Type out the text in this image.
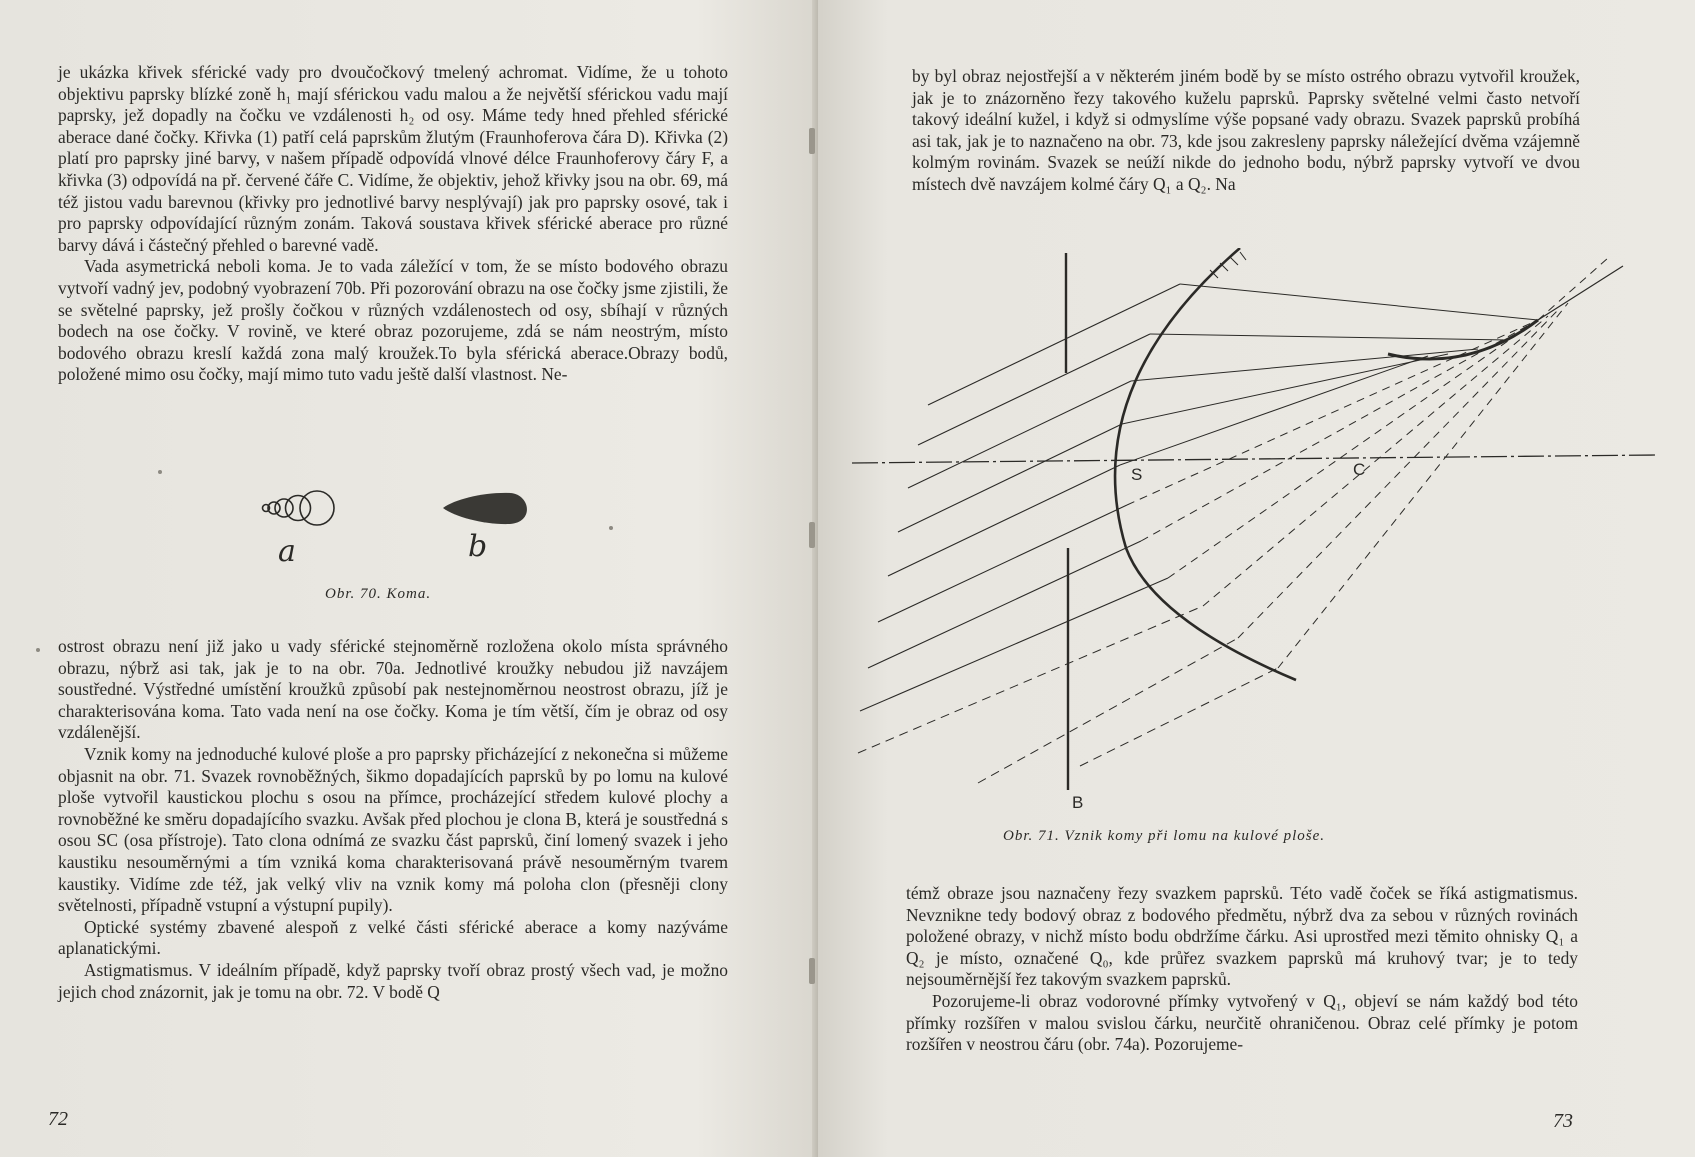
je ukázka křivek sférické vady pro dvoučočkový tmelený achromat. Vidíme, že u tohoto objektivu paprsky blízké zoně h₁ mají sférickou vadu malou a že největší sférickou vadu mají paprsky, jež dopadly na čočku ve vzdálenosti h₂ od osy. Máme tedy hned přehled sférické aberace dané čočky. Křivka (1) patří celá paprskům žlutým (Fraunhoferova čára D). Křivka (2) platí pro paprsky jiné barvy, v našem případě odpovídá vlnové délce Fraunhoferovy čáry F, a křivka (3) odpovídá na př. červené čáře C. Vidíme, že objektiv, jehož křivky jsou na obr. 69, má též jistou vadu barevnou (křivky pro jednotlivé barvy nesplývají) jak pro paprsky osové, tak i pro paprsky odpovídající různým zonám. Taková soustava křivek sférické aberace pro různé barvy dává i částečný přehled o barevné vadě.

Vada asymetrická neboli koma. Je to vada záležící v tom, že se místo bodového obrazu vytvoří vadný jev, podobný vyobrazení 70b. Při pozorování obrazu na ose čočky jsme zjistili, že se světelné paprsky, jež prošly čočkou v různých vzdálenostech od osy, sbíhají v různých bodech na ose čočky. V rovině, ve které obraz pozorujeme, zdá se nám neostrým, místo bodového obrazu kreslí každá zona malý kroužek.To byla sférická aberace.Obrazy bodů, položené mimo osu čočky, mají mimo tuto vadu ještě další vlastnost. Ne-

a	b
Obr. 70. Koma.

ostrost obrazu není již jako u vady sférické stejnoměrně rozložena okolo místa správného obrazu, nýbrž asi tak, jak je to na obr. 70a. Jednotlivé kroužky nebudou již navzájem soustředné. Výstředné umístění kroužků způsobí pak nestejnoměrnou neostrost obrazu, jíž je charakterisována koma. Tato vada není na ose čočky. Koma je tím větší, čím je obraz od osy vzdálenější.

Vznik komy na jednoduché kulové ploše a pro paprsky přicházející z nekonečna si můžeme objasnit na obr. 71. Svazek rovnoběžných, šikmo dopadajících paprsků by po lomu na kulové ploše vytvořil kaustickou plochu s osou na přímce, procházející středem kulové plochy a rovnoběžné ke směru dopadajícího svazku. Avšak před plochou je clona B, která je soustředná s osou SC (osa přístroje). Tato clona odnímá ze svazku část paprsků, činí lomený svazek i jeho kaustiku nesouměrnými a tím vzniká koma charakterisovaná právě nesouměrným tvarem kaustiky. Vidíme zde též, jak velký vliv na vznik komy má poloha clon (přesněji clony světelnosti, případně vstupní a výstupní pupily).

Optické systémy zbavené alespoň z velké části sférické aberace a komy nazýváme aplanatickými.

Astigmatismus. V ideálním případě, když paprsky tvoří obraz prostý všech vad, je možno jejich chod znázornit, jak je tomu na obr. 72. V bodě Q

72

by byl obraz nejostřejší a v některém jiném bodě by se místo ostrého obrazu vytvořil kroužek, jak je to znázorněno řezy takového kuželu paprsků. Paprsky světelné velmi často netvoří takový ideální kužel, i když si odmyslíme výše popsané vady obrazu. Svazek paprsků probíhá asi tak, jak je to naznačeno na obr. 73, kde jsou zakresleny paprsky náležející dvěma vzájemně kolmým rovinám. Svazek se neúží nikde do jednoho bodu, nýbrž paprsky vytvoří ve dvou místech dvě navzájem kolmé čáry Q₁ a Q₂. Na

témž obraze jsou naznačeny řezy svazkem paprsků. Této vadě čoček se říká astigmatismus. Nevznikne tedy bodový obraz z bodového předmětu, nýbrž dva za sebou v různých rovinách položené obrazy, v nichž místo bodu obdržíme čárku. Asi uprostřed mezi těmito ohnisky Q₁ a Q₂ je místo, označené Q₀, kde průřez svazkem paprsků má kruhový tvar; je to tedy nejsouměrnější řez takovým svazkem paprsků.

Pozorujeme-li obraz vodorovné přímky vytvořený v Q₁, objeví se nám každý bod této přímky rozšířen v malou svislou čárku, neurčitě ohraničenou. Obraz celé přímky je potom rozšířen v neostrou čáru (obr. 74a). Pozorujeme-

Obr. 71. Vznik komy při lomu na kulové ploše.
73
S	C
B
